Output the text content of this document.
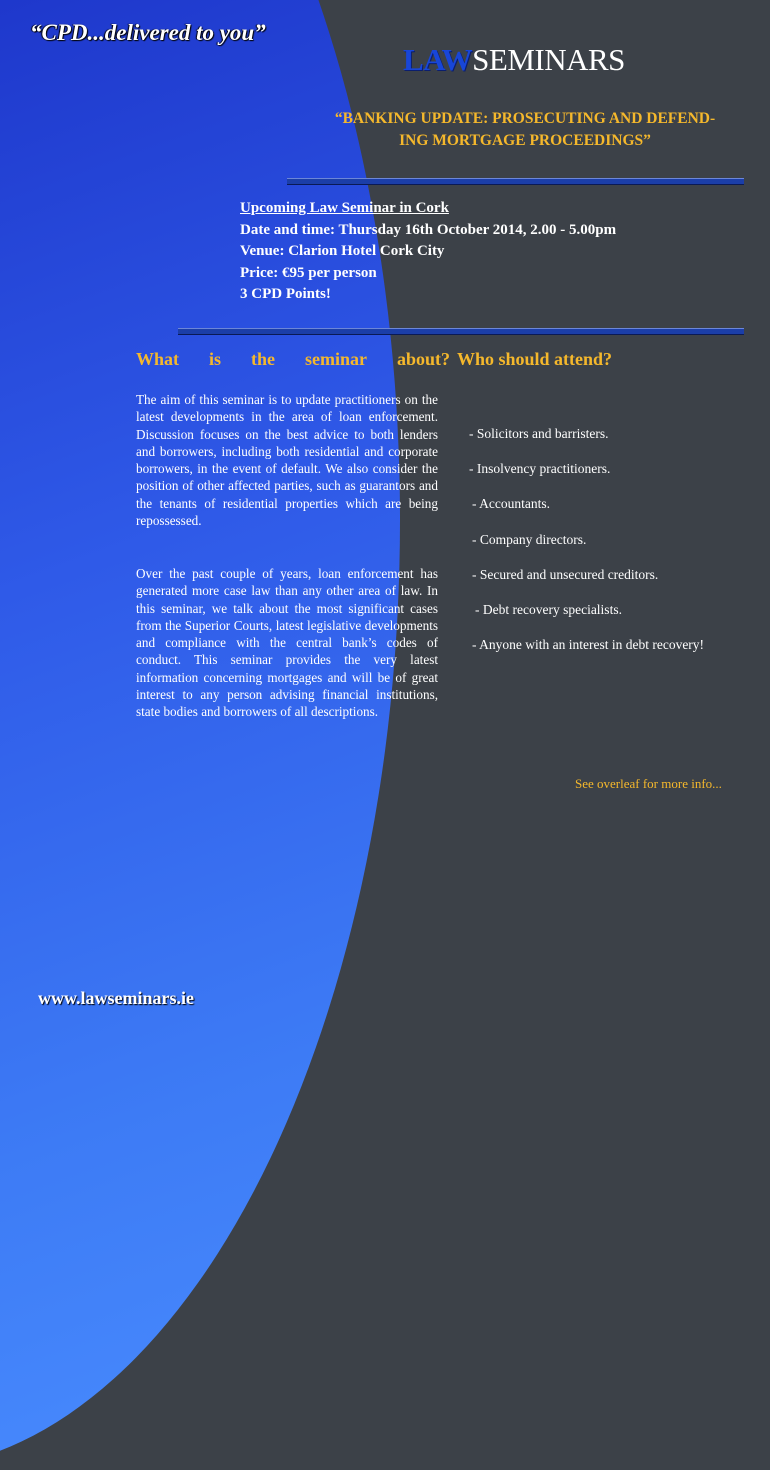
“CPD...delivered to you”
LAWSEMINARS
“BANKING UPDATE: PROSECUTING AND DEFEND-
ING MORTGAGE PROCEEDINGS”
Upcoming Law Seminar in Cork
Date and time: Thursday 16th October 2014, 2.00 - 5.00pm
Venue: Clarion Hotel Cork City
Price: €95 per person
3 CPD Points!
What is the seminar about? Who should attend?
The aim of this seminar is to update practitioners on the latest developments in the area of loan enforcement. Discussion focuses on the best advice to both lenders and borrowers, including both residential and corporate borrowers, in the event of default. We also consider the position of other affected parties, such as guarantors and the tenants of residential properties which are being repossessed.
Over the past couple of years, loan enforcement has generated more case law than any other area of law. In this seminar, we talk about the most significant cases from the Superior Courts, latest legislative developments and compliance with the central bank’s codes of conduct. This seminar provides the very latest information concerning mortgages and will be of great interest to any person advising financial institutions, state bodies and borrowers of all descriptions.
- Solicitors and barristers.
- Insolvency practitioners.
- Accountants.
- Company directors.
- Secured and unsecured creditors.
- Debt recovery specialists.
- Anyone with an interest in debt recovery!
See overleaf for more info...
www.lawseminars.ie
